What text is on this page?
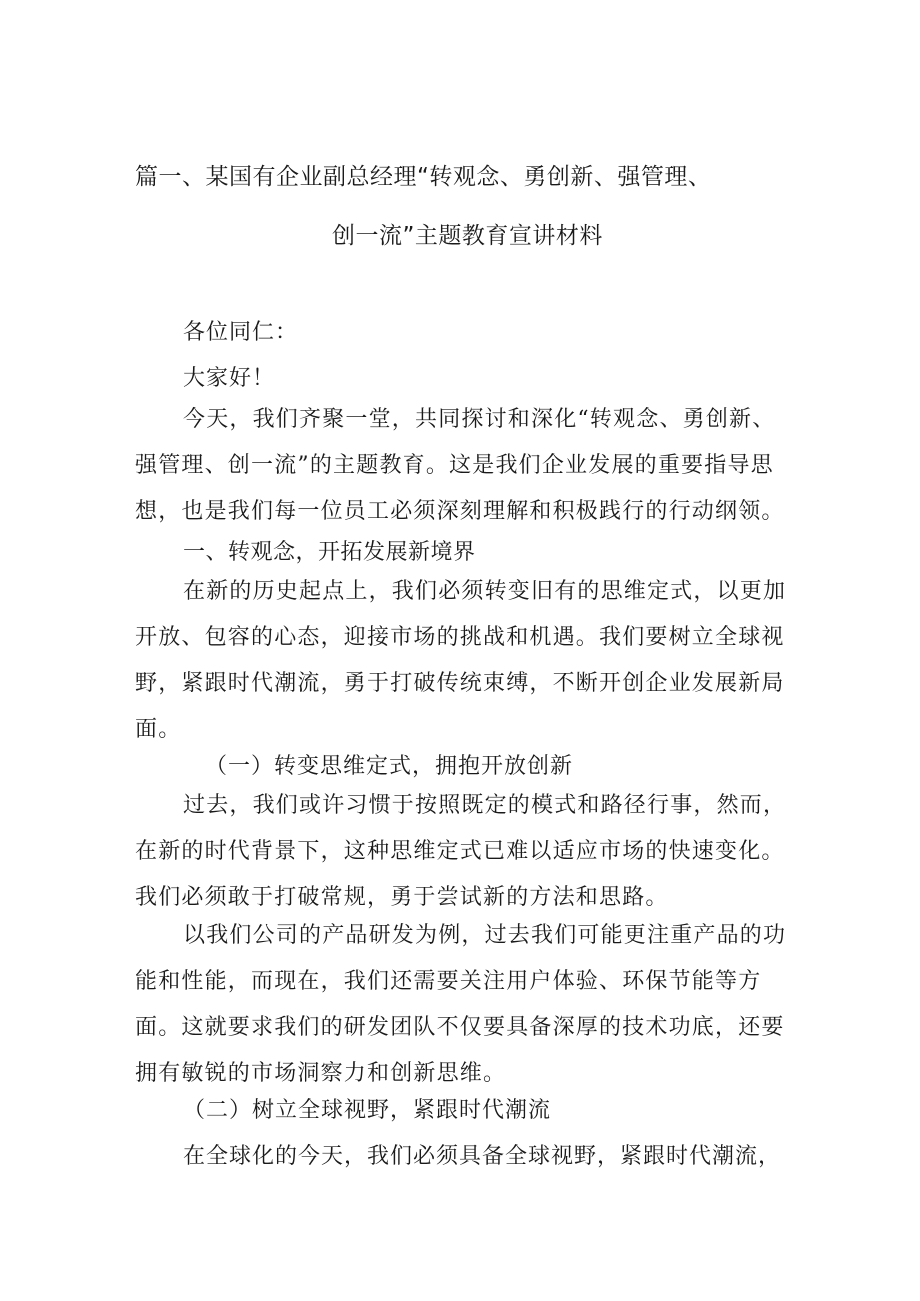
篇一、某国有企业副总经理“转观念、勇创新、强管理、
创一流”主题教育宣讲材料

各位同仁：

大家好！

今天，我们齐聚一堂，共同探讨和深化“转观念、勇创新、强管理、创一流”的主题教育。这是我们企业发展的重要指导思想，也是我们每一位员工必须深刻理解和积极践行的行动纲领。

一、转观念，开拓发展新境界

在新的历史起点上，我们必须转变旧有的思维定式，以更加开放、包容的心态，迎接市场的挑战和机遇。我们要树立全球视野，紧跟时代潮流，勇于打破传统束缚，不断开创企业发展新局面。

（一）转变思维定式，拥抱开放创新

过去，我们或许习惯于按照既定的模式和路径行事，然而，在新的时代背景下，这种思维定式已难以适应市场的快速变化。我们必须敢于打破常规，勇于尝试新的方法和思路。

以我们公司的产品研发为例，过去我们可能更注重产品的功能和性能，而现在，我们还需要关注用户体验、环保节能等方面。这就要求我们的研发团队不仅要具备深厚的技术功底，还要拥有敏锐的市场洞察力和创新思维。

（二）树立全球视野，紧跟时代潮流

在全球化的今天，我们必须具备全球视野，紧跟时代潮流，
